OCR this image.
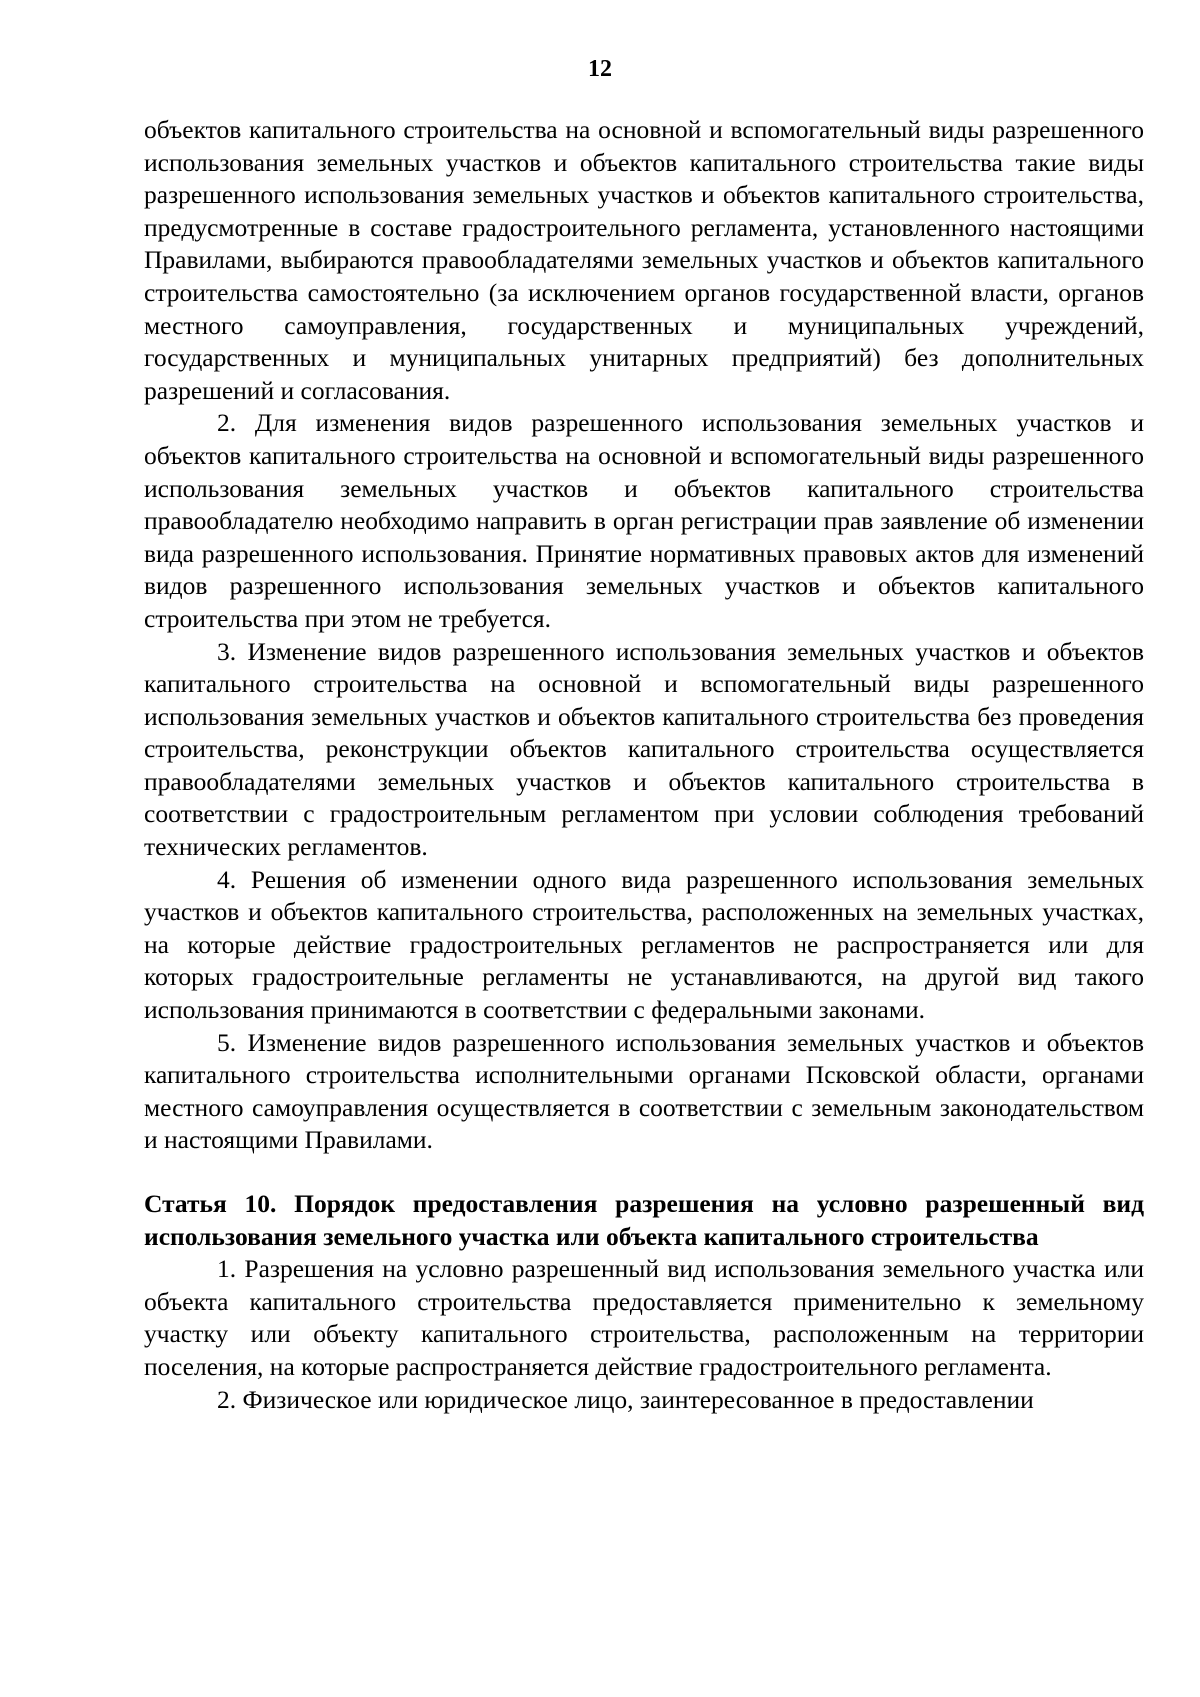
12

объектов капитального строительства на основной и вспомогательный виды разрешенного использования земельных участков и объектов капитального строительства такие виды разрешенного использования земельных участков и объектов капитального строительства, предусмотренные в составе градостроительного регламента, установленного настоящими Правилами, выбираются правообладателями земельных участков и объектов капитального строительства самостоятельно (за исключением органов государственной власти, органов местного самоуправления, государственных и муниципальных учреждений, государственных и муниципальных унитарных предприятий) без дополнительных разрешений и согласования.

2. Для изменения видов разрешенного использования земельных участков и объектов капитального строительства на основной и вспомогательный виды разрешенного использования земельных участков и объектов капитального строительства правообладателю необходимо направить в орган регистрации прав заявление об изменении вида разрешенного использования. Принятие нормативных правовых актов для изменений видов разрешенного использования земельных участков и объектов капитального строительства при этом не требуется.

3. Изменение видов разрешенного использования земельных участков и объектов капитального строительства на основной и вспомогательный виды разрешенного использования земельных участков и объектов капитального строительства без проведения строительства, реконструкции объектов капитального строительства осуществляется правообладателями земельных участков и объектов капитального строительства в соответствии с градостроительным регламентом при условии соблюдения требований технических регламентов.

4. Решения об изменении одного вида разрешенного использования земельных участков и объектов капитального строительства, расположенных на земельных участках, на которые действие градостроительных регламентов не распространяется или для которых градостроительные регламенты не устанавливаются, на другой вид такого использования принимаются в соответствии с федеральными законами.

5. Изменение видов разрешенного использования земельных участков и объектов капитального строительства исполнительными органами Псковской области, органами местного самоуправления осуществляется в соответствии с земельным законодательством и настоящими Правилами.

Статья 10. Порядок предоставления разрешения на условно разрешенный вид использования земельного участка или объекта капитального строительства

1. Разрешения на условно разрешенный вид использования земельного участка или объекта капитального строительства предоставляется применительно к земельному участку или объекту капитального строительства, расположенным на территории поселения, на которые распространяется действие градостроительного регламента.

2. Физическое или юридическое лицо, заинтересованное в предоставлении
